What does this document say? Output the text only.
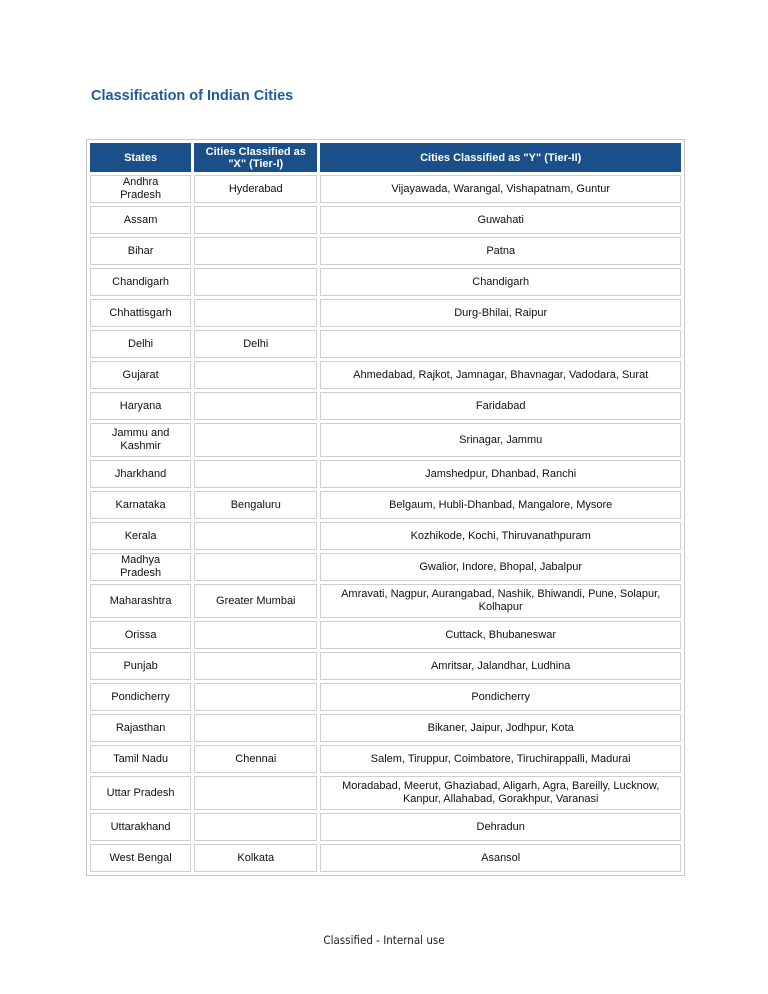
Classification of Indian Cities
States	Cities Classified as "X" (Tier-I)	Cities Classified as "Y" (Tier-II)
Andhra Pradesh	Hyderabad	Vijayawada, Warangal, Vishapatnam, Guntur
Assam		Guwahati
Bihar		Patna
Chandigarh		Chandigarh
Chhattisgarh		Durg-Bhilai, Raipur
Delhi	Delhi	
Gujarat		Ahmedabad, Rajkot, Jamnagar, Bhavnagar, Vadodara, Surat
Haryana		Faridabad
Jammu and Kashmir		Srinagar, Jammu
Jharkhand		Jamshedpur, Dhanbad, Ranchi
Karnataka	Bengaluru	Belgaum, Hubli-Dhanbad, Mangalore, Mysore
Kerala		Kozhikode, Kochi, Thiruvanathpuram
Madhya Pradesh		Gwalior, Indore, Bhopal, Jabalpur
Maharashtra	Greater Mumbai	Amravati, Nagpur, Aurangabad, Nashik, Bhiwandi, Pune, Solapur, Kolhapur
Orissa		Cuttack, Bhubaneswar
Punjab		Amritsar, Jalandhar, Ludhina
Pondicherry		Pondicherry
Rajasthan		Bikaner, Jaipur, Jodhpur, Kota
Tamil Nadu	Chennai	Salem, Tiruppur, Coimbatore, Tiruchirappalli, Madurai
Uttar Pradesh		Moradabad, Meerut, Ghaziabad, Aligarh, Agra, Bareilly, Lucknow, Kanpur, Allahabad, Gorakhpur, Varanasi
Uttarakhand		Dehradun
West Bengal	Kolkata	Asansol
Classified - Internal use
